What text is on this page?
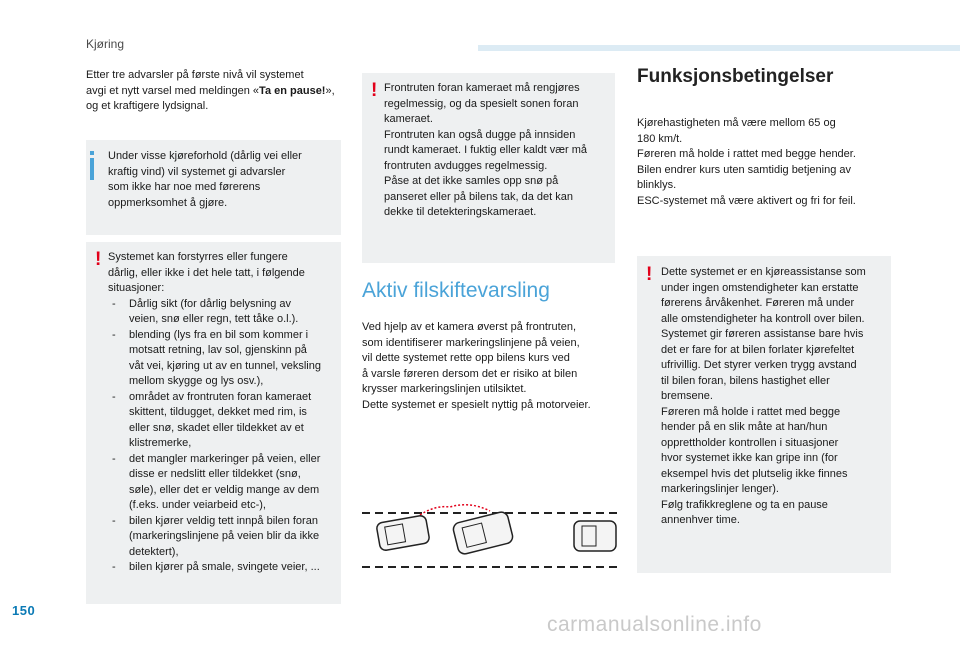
Kjøring
Etter tre advarsler på første nivå vil systemet
avgi et nytt varsel med meldingen «Ta en pause!», og et kraftigere lydsignal.
Under visse kjøreforhold (dårlig vei eller
kraftig vind) vil systemet gi advarsler
som ikke har noe med førerens
oppmerksomhet å gjøre.
! Systemet kan forstyrres eller fungere
dårlig, eller ikke i det hele tatt, i følgende
situasjoner:
- Dårlig sikt (for dårlig belysning av
veien, snø eller regn, tett tåke o.l.).
- blending (lys fra en bil som kommer i
motsatt retning, lav sol, gjenskinn på
våt vei, kjøring ut av en tunnel, veksling
mellom skygge og lys osv.),
- området av frontruten foran kameraet
skittent, tildugget, dekket med rim, is
eller snø, skadet eller tildekket av et
klistremerke,
- det mangler markeringer på veien, eller
disse er nedslitt eller tildekket (snø,
søle), eller det er veldig mange av dem
(f.eks. under veiarbeid etc-),
- bilen kjører veldig tett innpå bilen foran
(markeringslinjene på veien blir da ikke
detektert),
- bilen kjører på smale, svingete veier, ...
! Frontruten foran kameraet må rengjøres
regelmessig, og da spesielt sonen foran
kameraet.
Frontruten kan også dugge på innsiden
rundt kameraet. I fuktig eller kaldt vær må
frontruten avdugges regelmessig.
Påse at det ikke samles opp snø på
panseret eller på bilens tak, da det kan
dekke til detekteringskameraet.
Aktiv filskiftevarsling
Ved hjelp av et kamera øverst på frontruten,
som identifiserer markeringslinjene på veien,
vil dette systemet rette opp bilens kurs ved
å varsle føreren dersom det er risiko at bilen
krysser markeringslinjen utilsiktet.
Dette systemet er spesielt nyttig på motorveier.
Funksjonsbetingelser
Kjørehastigheten må være mellom 65 og
180 km/t.
Føreren må holde i rattet med begge hender.
Bilen endrer kurs uten samtidig betjening av
blinklys.
ESC-systemet må være aktivert og fri for feil.
! Dette systemet er en kjøreassistanse som
under ingen omstendigheter kan erstatte
førerens årvåkenhet. Føreren må under
alle omstendigheter ha kontroll over bilen.
Systemet gir føreren assistanse bare hvis
det er fare for at bilen forlater kjørefeltet
ufrivillig. Det styrer verken trygg avstand
til bilen foran, bilens hastighet eller
bremsene.
Føreren må holde i rattet med begge
hender på en slik måte at han/hun
opprettholder kontrollen i situasjoner
hvor systemet ikke kan gripe inn (for
eksempel hvis det plutselig ikke finnes
markeringslinjer lenger).
Følg trafikkreglene og ta en pause
annenhver time.
150
carmanualsonline.info
